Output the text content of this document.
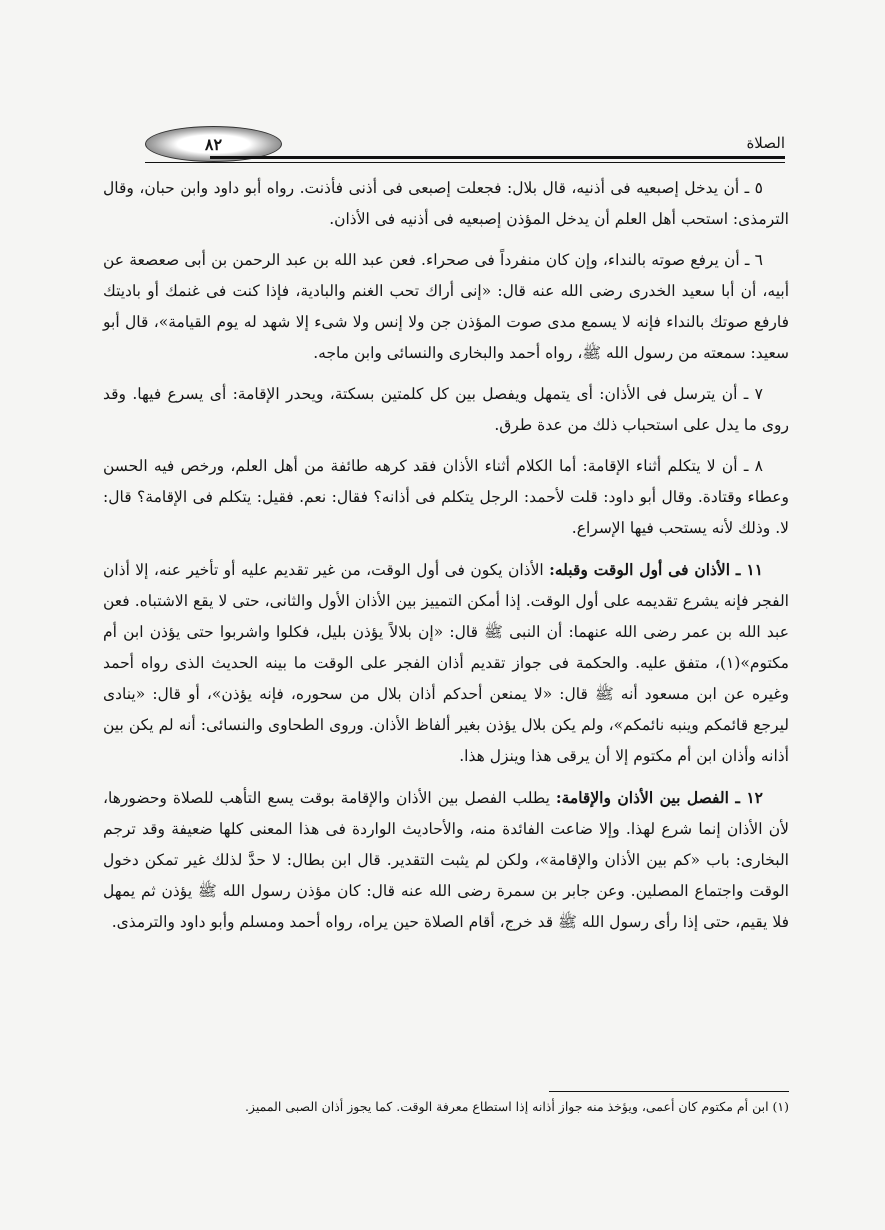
٨٢	الصلاة

٥ ـ أن يدخل إصبعيه فى أذنيه، قال بلال: فجعلت إصبعى فى أذنى فأذنت. رواه أبو داود وابن حبان، وقال الترمذى: استحب أهل العلم أن يدخل المؤذن إصبعيه فى أذنيه فى الأذان.

٦ ـ أن يرفع صوته بالنداء، وإن كان منفرداً فى صحراء. فعن عبد الله بن عبد الرحمن بن أبى صعصعة عن أبيه، أن أبا سعيد الخدرى رضى الله عنه قال: «إنى أراك تحب الغنم والبادية، فإذا كنت فى غنمك أو باديتك فارفع صوتك بالنداء فإنه لا يسمع مدى صوت المؤذن جن ولا إنس ولا شىء إلا شهد له يوم القيامة»، قال أبو سعيد: سمعته من رسول الله ﷺ، رواه أحمد والبخارى والنسائى وابن ماجه.

٧ ـ أن يترسل فى الأذان: أى يتمهل ويفصل بين كل كلمتين بسكتة، ويحدر الإقامة: أى يسرع فيها. وقد روى ما يدل على استحباب ذلك من عدة طرق.

٨ ـ أن لا يتكلم أثناء الإقامة: أما الكلام أثناء الأذان فقد كرهه طائفة من أهل العلم، ورخص فيه الحسن وعطاء وقتادة. وقال أبو داود: قلت لأحمد: الرجل يتكلم فى أذانه؟ فقال: نعم. فقيل: يتكلم فى الإقامة؟ قال: لا. وذلك لأنه يستحب فيها الإسراع.

١١ ـ الأذان فى أول الوقت وقبله: الأذان يكون فى أول الوقت، من غير تقديم عليه أو تأخير عنه، إلا أذان الفجر فإنه يشرع تقديمه على أول الوقت. إذا أمكن التمييز بين الأذان الأول والثانى، حتى لا يقع الاشتباه. فعن عبد الله بن عمر رضى الله عنهما: أن النبى ﷺ قال: «إن بلالاً يؤذن بليل، فكلوا واشربوا حتى يؤذن ابن أم مكتوم»(١)، متفق عليه. والحكمة فى جواز تقديم أذان الفجر على الوقت ما بينه الحديث الذى رواه أحمد وغيره عن ابن مسعود أنه ﷺ قال: «لا يمنعن أحدكم أذان بلال من سحوره، فإنه يؤذن»، أو قال: «ينادى ليرجع قائمكم وينبه نائمكم»، ولم يكن بلال يؤذن بغير ألفاظ الأذان. وروى الطحاوى والنسائى: أنه لم يكن بين أذانه وأذان ابن أم مكتوم إلا أن يرقى هذا وينزل هذا.

١٢ ـ الفصل بين الأذان والإقامة: يطلب الفصل بين الأذان والإقامة بوقت يسع التأهب للصلاة وحضورها، لأن الأذان إنما شرع لهذا. وإلا ضاعت الفائدة منه، والأحاديث الواردة فى هذا المعنى كلها ضعيفة وقد ترجم البخارى: باب «كم بين الأذان والإقامة»، ولكن لم يثبت التقدير. قال ابن بطال: لا حدَّ لذلك غير تمكن دخول الوقت واجتماع المصلين. وعن جابر بن سمرة رضى الله عنه قال: كان مؤذن رسول الله ﷺ يؤذن ثم يمهل فلا يقيم، حتى إذا رأى رسول الله ﷺ قد خرج، أقام الصلاة حين يراه، رواه أحمد ومسلم وأبو داود والترمذى.

(١) ابن أم مكتوم كان أعمى، ويؤخذ منه جواز أذانه إذا استطاع معرفة الوقت. كما يجوز أذان الصبى المميز.
